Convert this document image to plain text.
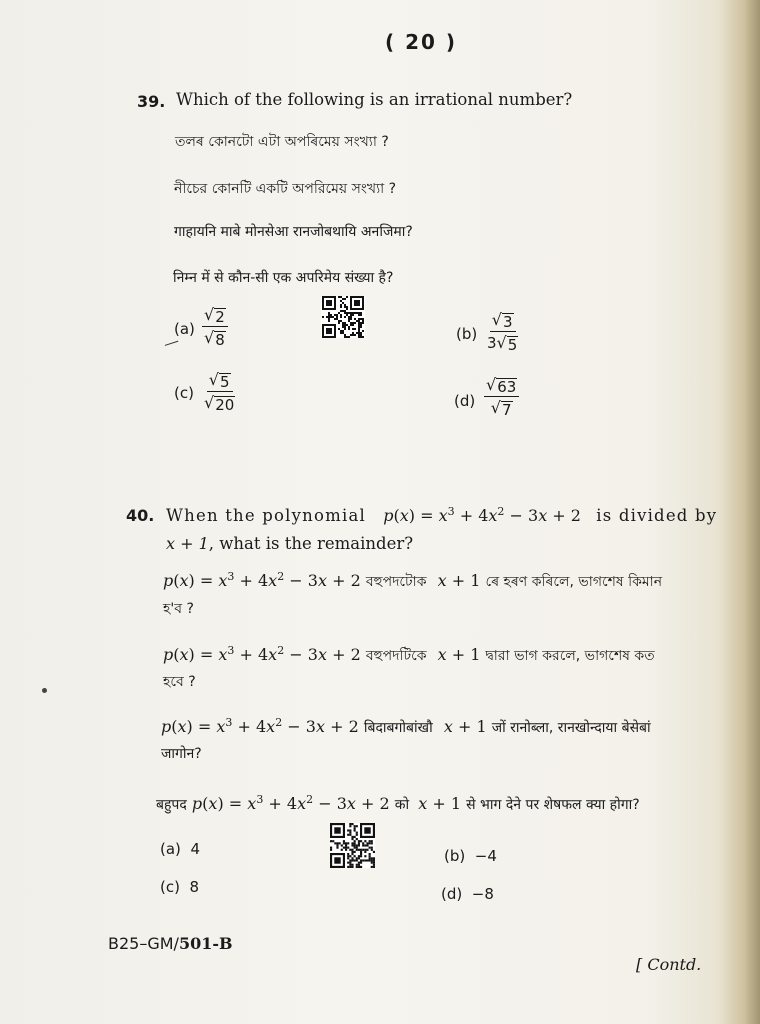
( 20 )
39. Which of the following is an irrational number?
তলৰ কোনটো এটা অপৰিমেয় সংখ্যা ?
নীচের কোনটি একটি অপরিমেয় সংখ্যা ?
गाहायनि माबे मोनसेआ रानजोबथायि अनजिमा?
निम्न में से कौन-सी एक अपरिमेय संख्या है?
$(a) \frac{√ 2}{√ 8}$	$(b) \frac{√ 3}{3 √ 5}$
$(c) \frac{√ 5}{√ 20}$	$(d) \frac{√ 63}{√ 7}$
40. When the polynomial $p(x) = x^3 + 4x^2 - 3x + 2$ is divided by
x + 1, what is the remainder?
$p(x) = x^3 + 4x^2 - 3x + 2$ বহুপদটোক x + 1 ৰে হৰণ কৰিলে, ভাগশেষ কিমান
হ'ব ?
$p(x) = x^3 + 4x^2 - 3x + 2$ বহুপদটিকে x + 1 দ্বারা ভাগ করলে, ভাগশেষ কত
হবে ?
$p(x) = x^3 + 4x^2 - 3x + 2$ बिदाबगोबांखौ x + 1 जों रानोब्ला, रानखोन्दाया बेसेबां
जागोन?
बहुपद $p(x) = x^3 + 4x^2 - 3x + 2$ को x + 1 से भाग देने पर शेषफल क्या होगा?
(a) 4	(b) −4
(c) 8	(d) −8
B25–GM/501-B
[ Contd.
